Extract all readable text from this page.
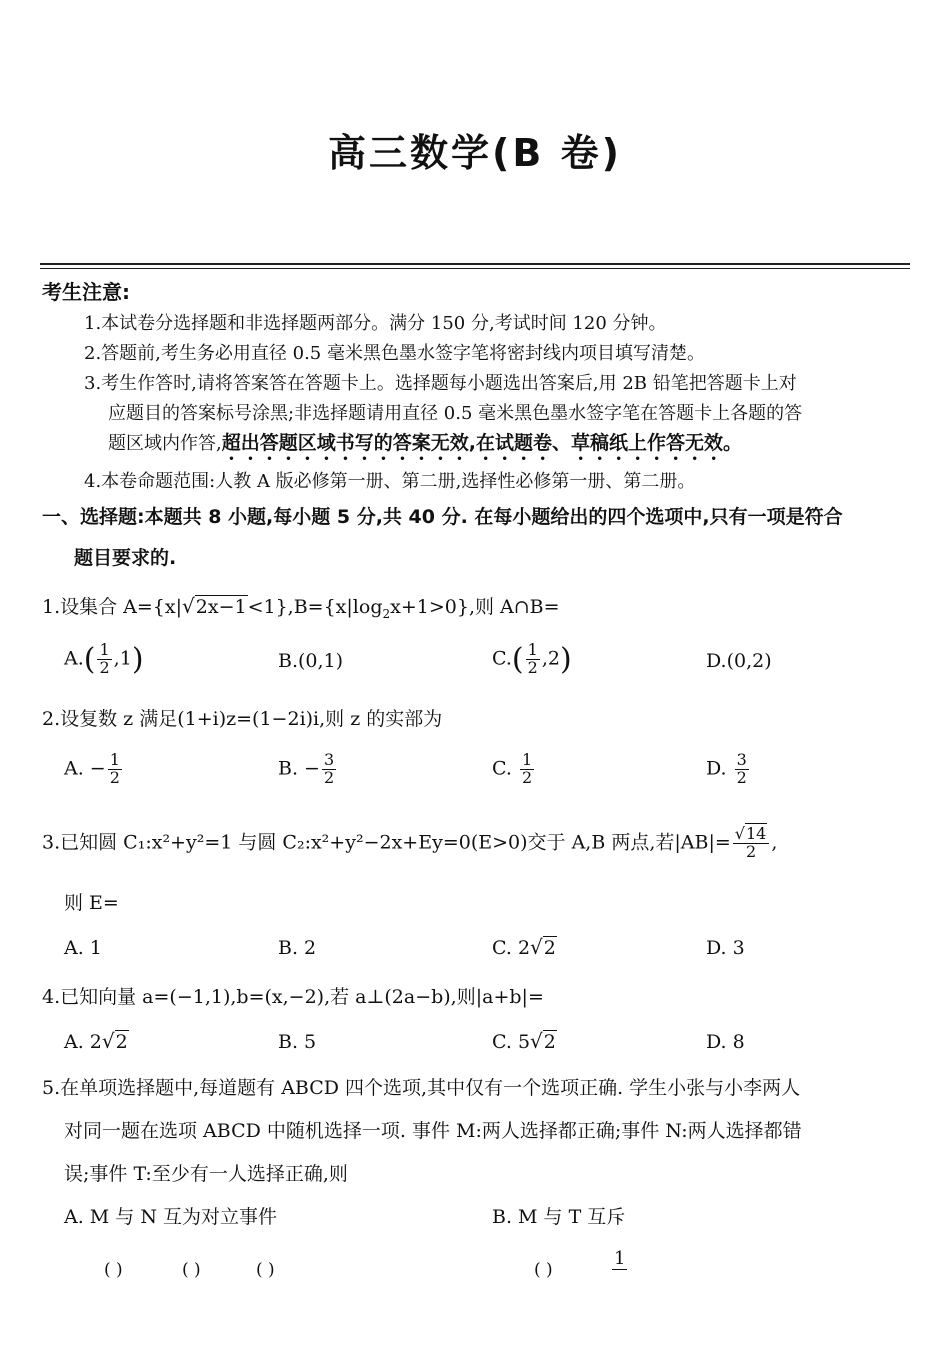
高三数学(B 卷)
考生注意:
1.本试卷分选择题和非选择题两部分。满分 150 分,考试时间 120 分钟。
2.答题前,考生务必用直径 0.5 毫米黑色墨水签字笔将密封线内项目填写清楚。
3.考生作答时,请将答案答在答题卡上。选择题每小题选出答案后,用 2B 铅笔把答题卡上对
应题目的答案标号涂黑;非选择题请用直径 0.5 毫米黑色墨水签字笔在答题卡上各题的答
题区域内作答,超出答题区域书写的答案无效,在试题卷、草稿纸上作答无效。
4.本卷命题范围:人教 A 版必修第一册、第二册,选择性必修第一册、第二册。
一、选择题:本题共 8 小题,每小题 5 分,共 40 分. 在每小题给出的四个选项中,只有一项是符合
题目要求的.
1.设集合 $A=\{x|√2x-1<1\},B=\{x|\log_2x+1>0\}$,则 A∩B=
$A.( \frac{1}{2} ,1)$	B.(0,1)	$C.( \frac{1}{2} ,2)$	D.(0,2)
2.设复数 z 满足(1+i)z=(1−2i)i,则 z 的实部为
A. − $\frac{1}{2}$	B. − $\frac{3}{2}$	C. $\frac{1}{2}$	D. $\frac{3}{2}$
3.已知圆 C₁:x²+y²=1 与圆 C₂:x²+y²−2x+Ey=0(E>0)交于 A,B 两点,若$|AB|= \frac{√14}{2}$ ,
则 E=
A. 1	B. 2	C. 2√2	D. 3
4.已知向量 a=(−1,1),b=(x,−2),若 a⊥(2a−b),则|a+b|=
A. 2√2	B. 5	C. 5√2	D. 8
5.在单项选择题中,每道题有 ABCD 四个选项,其中仅有一个选项正确. 学生小张与小李两人
对同一题在选项 ABCD 中随机选择一项. 事件 M:两人选择都正确;事件 N:两人选择都错
误;事件 T:至少有一人选择正确,则
A. M 与 N 互为对立事件	B. M 与 T 互斥
( )	( )	( )	( )
1
